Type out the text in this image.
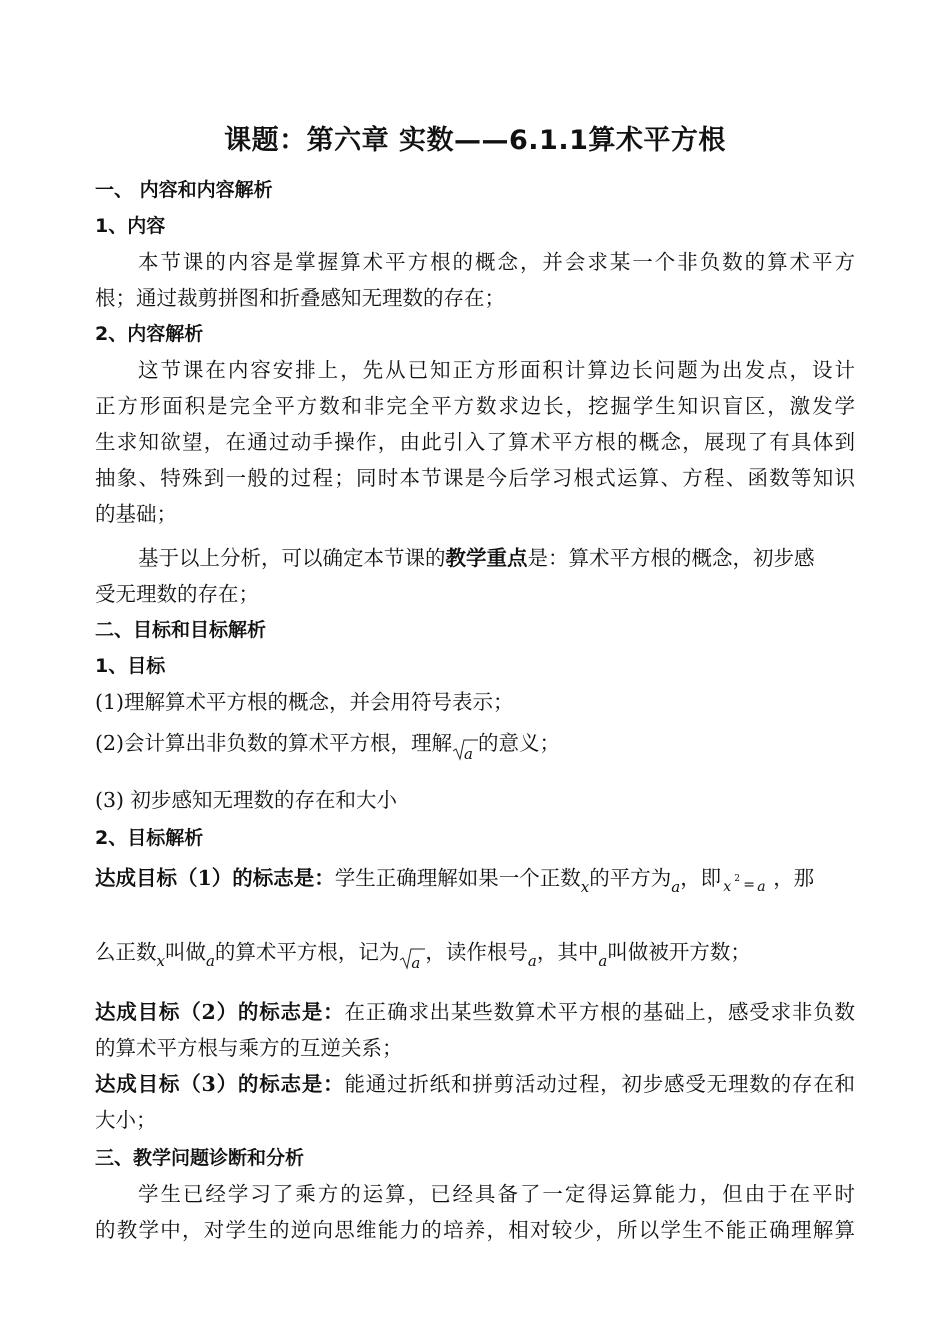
课题：第六章 实数——6.1.1算术平方根
一、 内容和内容解析
1、内容
本节课的内容是掌握算术平方根的概念，并会求某一个非负数的算术平方
根；通过裁剪拼图和折叠感知无理数的存在；
2、内容解析
这节课在内容安排上，先从已知正方形面积计算边长问题为出发点，设计
正方形面积是完全平方数和非完全平方数求边长，挖掘学生知识盲区，激发学
生求知欲望，在通过动手操作，由此引入了算术平方根的概念，展现了有具体到
抽象、特殊到一般的过程；同时本节课是今后学习根式运算、方程、函数等知识
的基础；
基于以上分析，可以确定本节课的教学重点是：算术平方根的概念，初步感
受无理数的存在；
二、目标和目标解析
1、目标
(1)理解算术平方根的概念，并会用符号表示；
(2)会计算出非负数的算术平方根，理解 a 的意义；
(3) 初步感知无理数的存在和大小
2、目标解析
达成目标（1）的标志是：学生正确理解如果一个正数$_x$的平方为$_a$，即 x 2 = a ，那
么正数$_x$叫做$_a$的算术平方根，记为 a ，读作根号$_a$，其中$_a$叫做被开方数；
达成目标（2）的标志是：在正确求出某些数算术平方根的基础上，感受求非负数
的算术平方根与乘方的互逆关系；
达成目标（3）的标志是：能通过折纸和拼剪活动过程，初步感受无理数的存在和
大小；
三、教学问题诊断和分析
学生已经学习了乘方的运算，已经具备了一定得运算能力，但由于在平时
的教学中，对学生的逆向思维能力的培养，相对较少，所以学生不能正确理解算
